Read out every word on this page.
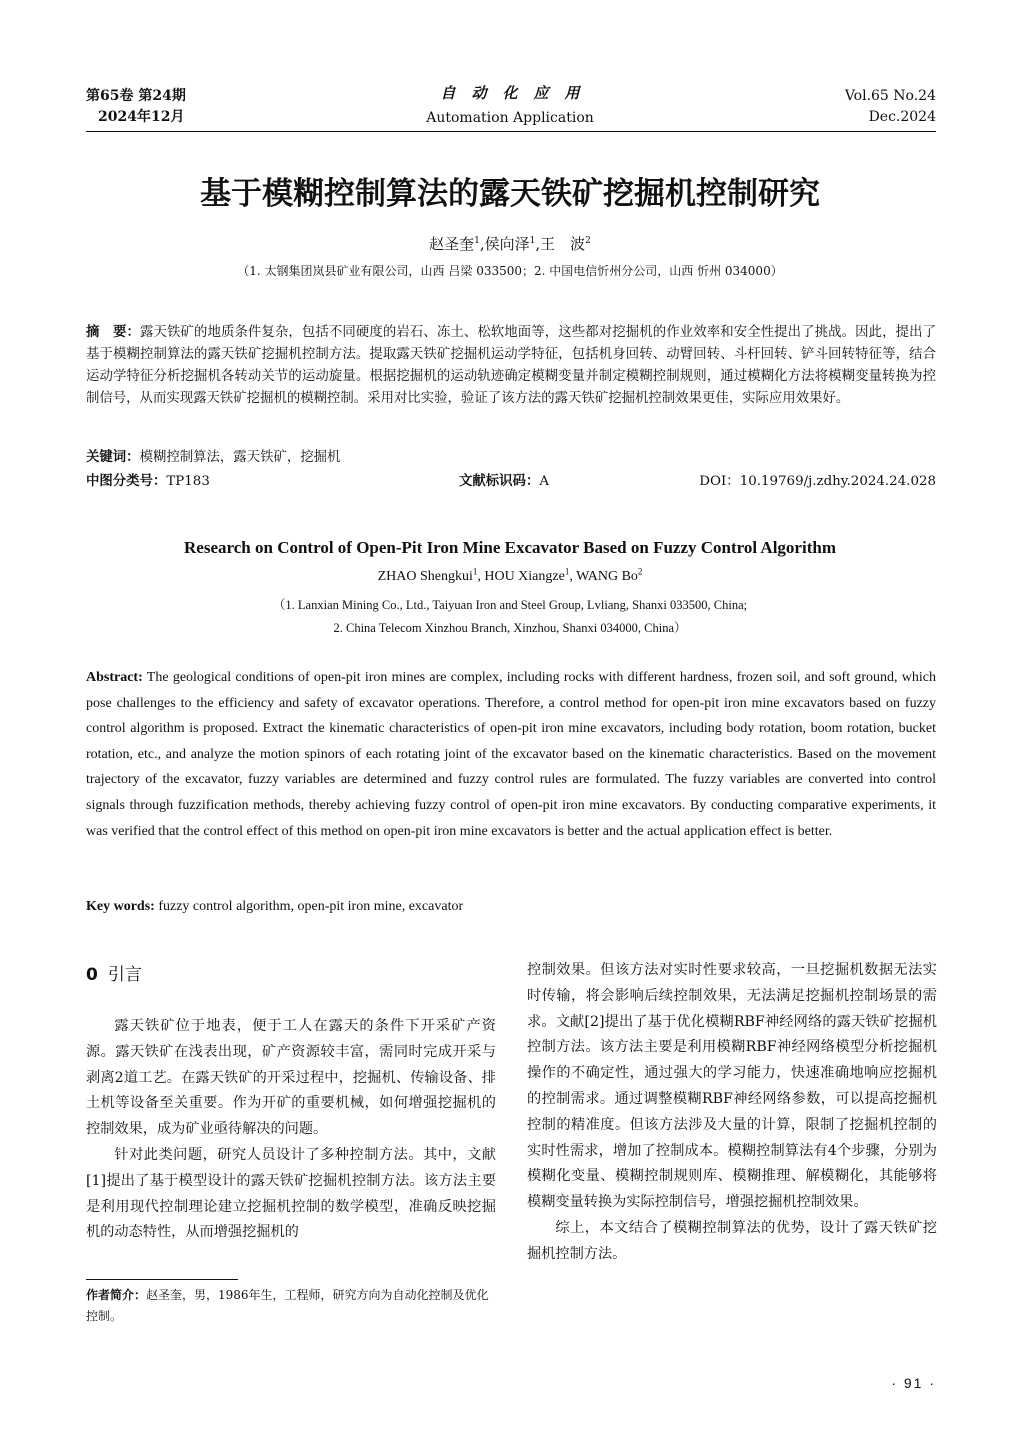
第65卷 第24期
2024年12月
自动化应用
Automation Application
Vol.65 No.24
Dec.2024
基于模糊控制算法的露天铁矿挖掘机控制研究
赵圣奎$^1$,侯向泽$^1$,王　波$^2$
（1. 太钢集团岚县矿业有限公司，山西 吕梁 033500；2. 中国电信忻州分公司，山西 忻州 034000）
摘　要：露天铁矿的地质条件复杂，包括不同硬度的岩石、冻土、松软地面等，这些都对挖掘机的作业效率和安全性提出了挑战。因此，提出了基于模糊控制算法的露天铁矿挖掘机控制方法。提取露天铁矿挖掘机运动学特征，包括机身回转、动臂回转、斗杆回转、铲斗回转特征等，结合运动学特征分析挖掘机各转动关节的运动旋量。根据挖掘机的运动轨迹确定模糊变量并制定模糊控制规则，通过模糊化方法将模糊变量转换为控制信号，从而实现露天铁矿挖掘机的模糊控制。采用对比实验，验证了该方法的露天铁矿挖掘机控制效果更佳，实际应用效果好。
关键词：模糊控制算法，露天铁矿，挖掘机
中图分类号：TP183	文献标识码：A	DOI：10.19769/j.zdhy.2024.24.028
Research on Control of Open-Pit Iron Mine Excavator Based on Fuzzy Control Algorithm
ZHAO Shengkui$^1$, HOU Xiangze$^1$, WANG Bo$^2$
（1. Lanxian Mining Co., Ltd., Taiyuan Iron and Steel Group, Lvliang, Shanxi 033500, China;
2. China Telecom Xinzhou Branch, Xinzhou, Shanxi 034000, China）
Abstract: The geological conditions of open-pit iron mines are complex, including rocks with different hardness, frozen soil, and soft ground, which pose challenges to the efficiency and safety of excavator operations. Therefore, a control method for open-pit iron mine excavators based on fuzzy control algorithm is proposed. Extract the kinematic characteristics of open-pit iron mine excavators, including body rotation, boom rotation, bucket rotation, etc., and analyze the motion spinors of each rotating joint of the excavator based on the kinematic characteristics. Based on the movement trajectory of the excavator, fuzzy variables are determined and fuzzy control rules are formulated. The fuzzy variables are converted into control signals through fuzzification methods, thereby achieving fuzzy control of open-pit iron mine excavators. By conducting comparative experiments, it was verified that the control effect of this method on open-pit iron mine excavators is better and the actual application effect is better.
Key words: fuzzy control algorithm, open-pit iron mine, excavator
0 引言

露天铁矿位于地表，便于工人在露天的条件下开采矿产资源。露天铁矿在浅表出现，矿产资源较丰富，需同时完成开采与剥离2道工艺。在露天铁矿的开采过程中，挖掘机、传输设备、排土机等设备至关重要。作为开矿的重要机械，如何增强挖掘机的控制效果，成为矿业亟待解决的问题。

针对此类问题，研究人员设计了多种控制方法。其中，文献[1]提出了基于模型设计的露天铁矿挖掘机控制方法。该方法主要是利用现代控制理论建立挖掘机控制的数学模型，准确反映挖掘机的动态特性，从而增强挖掘机的

作者简介：赵圣奎，男，1986年生，工程师，研究方向为自动化控制及优化控制。

控制效果。但该方法对实时性要求较高，一旦挖掘机数据无法实时传输，将会影响后续控制效果，无法满足挖掘机控制场景的需求。文献[2]提出了基于优化模糊RBF神经网络的露天铁矿挖掘机控制方法。该方法主要是利用模糊RBF神经网络模型分析挖掘机操作的不确定性，通过强大的学习能力，快速准确地响应挖掘机的控制需求。通过调整模糊RBF神经网络参数，可以提高挖掘机控制的精准度。但该方法涉及大量的计算，限制了挖掘机控制的实时性需求，增加了控制成本。模糊控制算法有4个步骤，分别为模糊化变量、模糊控制规则库、模糊推理、解模糊化，其能够将模糊变量转换为实际控制信号，增强挖掘机控制效果。

综上，本文结合了模糊控制算法的优势，设计了露天铁矿挖掘机控制方法。

· 91 ·
